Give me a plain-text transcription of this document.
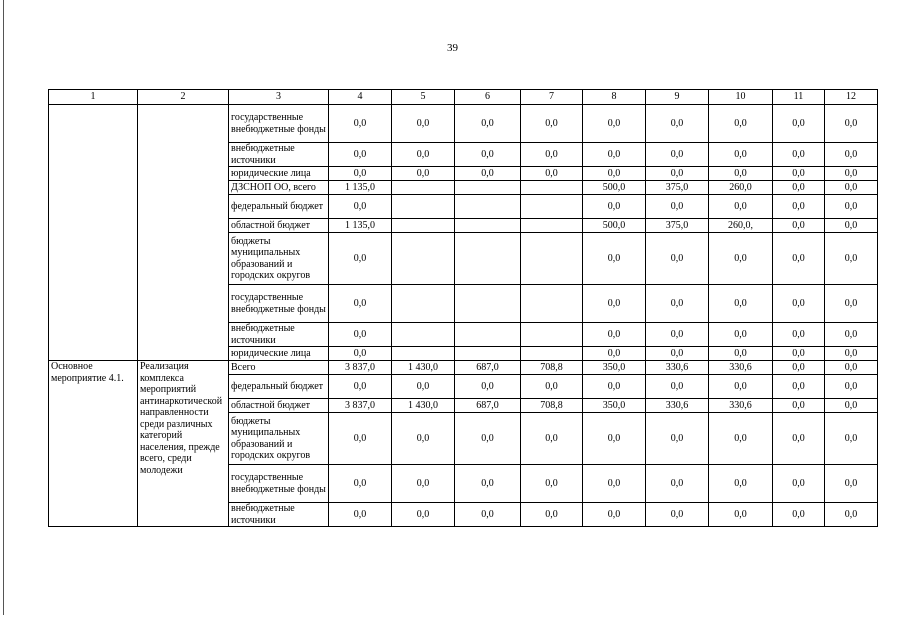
39
1	2	3	4	5	6	7	8	9	10	11	12
		государственные внебюджетные фонды	0,0	0,0	0,0	0,0	0,0	0,0	0,0	0,0	0,0
		внебюджетные источники	0,0	0,0	0,0	0,0	0,0	0,0	0,0	0,0	0,0
		юридические лица	0,0	0,0	0,0	0,0	0,0	0,0	0,0	0,0	0,0
		ДЗСНОП ОО, всего	1 135,0				500,0	375,0	260,0	0,0	0,0
		федеральный бюджет	0,0				0,0	0,0	0,0	0,0	0,0
		областной бюджет	1 135,0				500,0	375,0	260,0,	0,0	0,0
		бюджеты муниципальных образований и городских округов	0,0				0,0	0,0	0,0	0,0	0,0
		государственные внебюджетные фонды	0,0				0,0	0,0	0,0	0,0	0,0
		внебюджетные источники	0,0				0,0	0,0	0,0	0,0	0,0
		юридические лица	0,0				0,0	0,0	0,0	0,0	0,0
Основное мероприятие 4.1.	Реализация комплекса мероприятий антинаркотической направленности среди различных категорий населения, прежде всего, среди молодежи	Всего	3 837,0	1 430,0	687,0	708,8	350,0	330,6	330,6	0,0	0,0
		федеральный бюджет	0,0	0,0	0,0	0,0	0,0	0,0	0,0	0,0	0,0
		областной бюджет	3 837,0	1 430,0	687,0	708,8	350,0	330,6	330,6	0,0	0,0
		бюджеты муниципальных образований и городских округов	0,0	0,0	0,0	0,0	0,0	0,0	0,0	0,0	0,0
		государственные внебюджетные фонды	0,0	0,0	0,0	0,0	0,0	0,0	0,0	0,0	0,0
		внебюджетные источники	0,0	0,0	0,0	0,0	0,0	0,0	0,0	0,0	0,0
